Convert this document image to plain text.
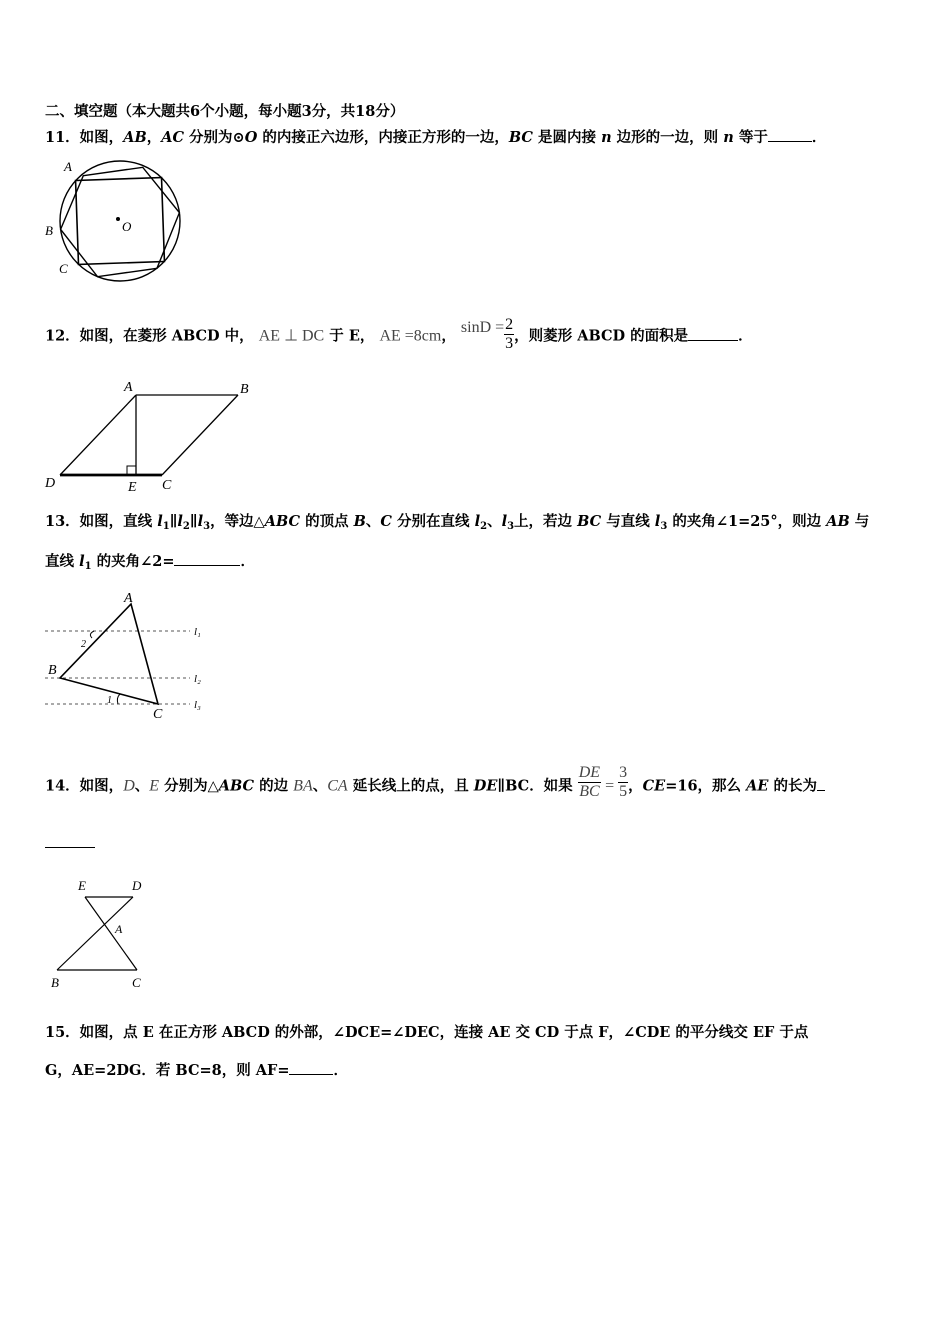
二、填空题（本大题共6个小题，每小题3分，共18分）
11．如图，AB，AC 分别为⊙O 的内接正六边形，内接正方形的一边，BC 是圆内接 n 边形的一边，则 n 等于	．
A
B
C
O
12．如图，在菱形 ABCD 中， AE ⊥ DC 于 E， AE =8cm， $\sin D = \frac{2}{3}$ ，则菱形 ABCD 的面积是	．
A	B
D	E C
13．如图，直线 $l_1\parallel l_2\parallel l_3$，等边△ABC 的顶点 B、C 分别在直线 $l_2$、$l_3$上，若边 BC 与直线 $l_3$ 的夹角∠1=25°，则边 AB 与
直线 $l_1$ 的夹角∠2=	．
A
B
C
l₁
l₂
l₃
2
1
14．如图，D、E 分别为△ABC 的边 BA、CA 延长线上的点，且 DE∥BC．如果 $\frac{DE}{BC} = \frac{3}{5}$ ，CE=16，那么 AE 的长为
E	D
A
B	C
15．如图，点 E 在正方形 ABCD 的外部，∠DCE=∠DEC，连接 AE 交 CD 于点 F，∠CDE 的平分线交 EF 于点
G，AE=2DG．若 BC=8，则 AF=	．
